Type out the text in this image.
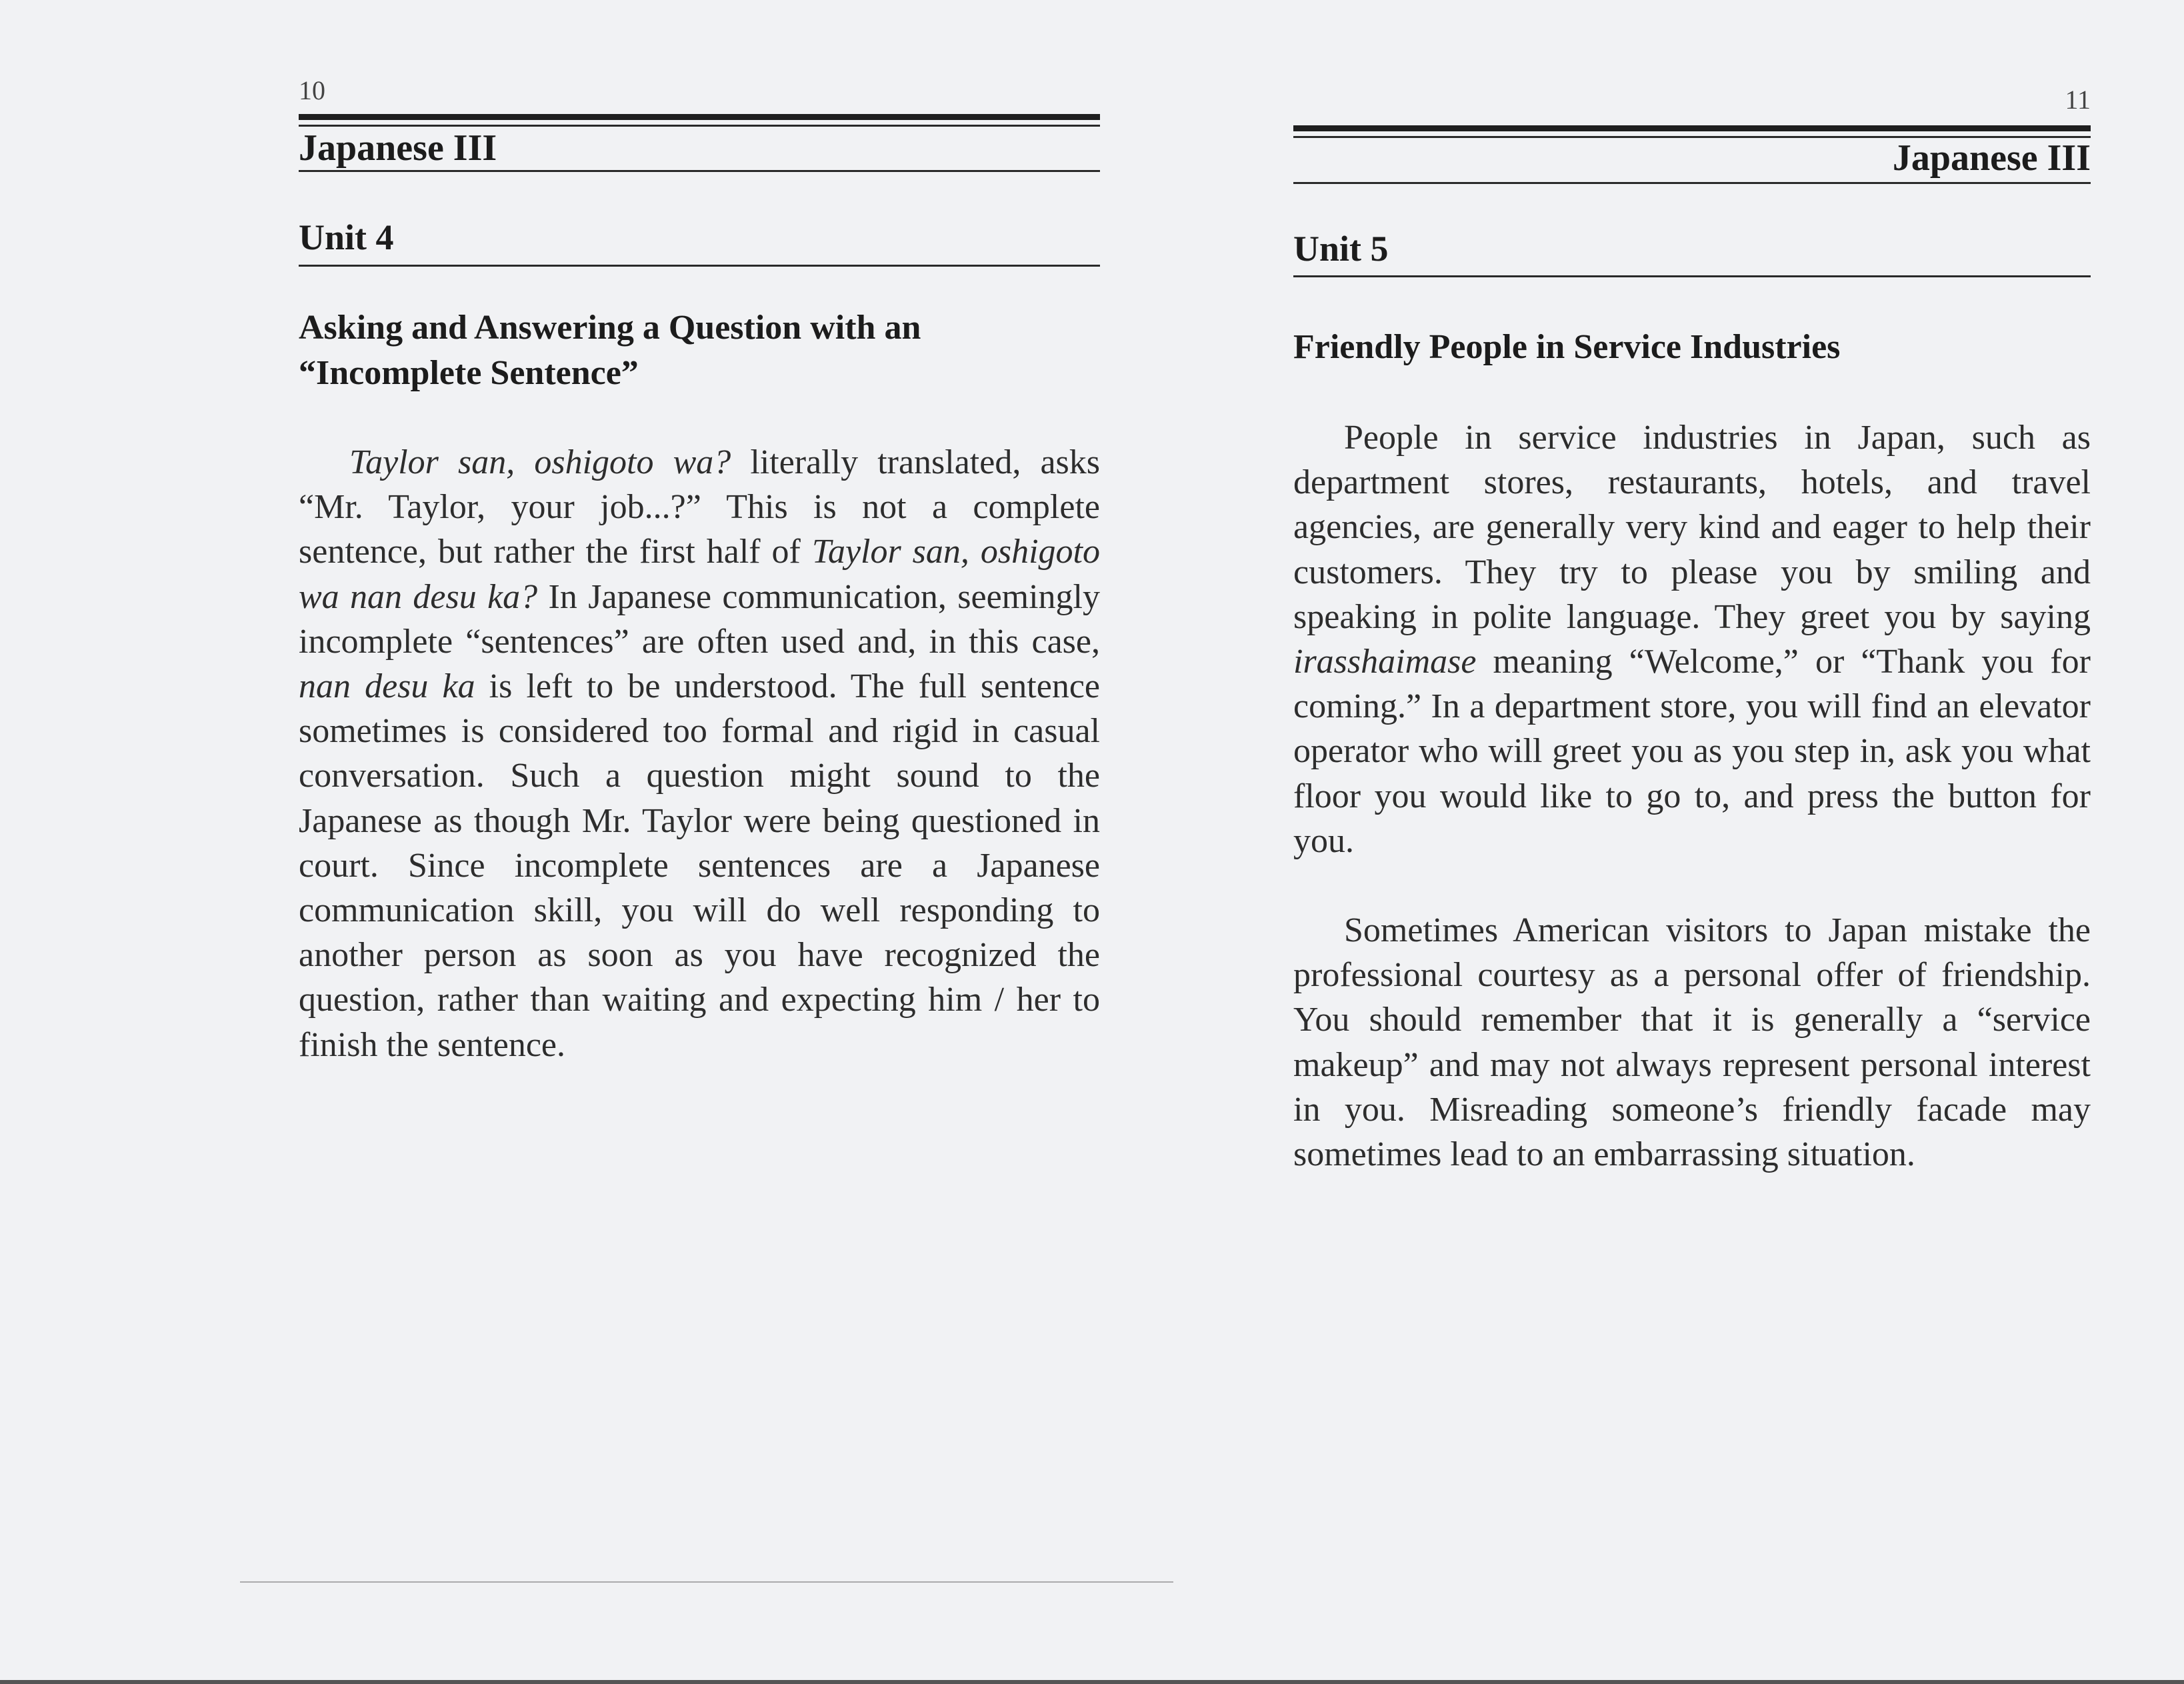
10
Japanese III
Unit 4
Asking and Answering a Question with an
“Incomplete Sentence”

Taylor san, oshigoto wa? literally translated, asks “Mr. Taylor, your job...?” This is not a complete sentence, but rather the first half of Taylor san, oshigoto wa nan desu ka? In Japanese communication, seemingly incomplete “sentences” are often used and, in this case, nan desu ka is left to be understood. The full sentence sometimes is considered too formal and rigid in casual conversation. Such a question might sound to the Japanese as though Mr. Taylor were being questioned in court. Since incomplete sentences are a Japanese communication skill, you will do well responding to another person as soon as you have recognized the question, rather than waiting and expecting him / her to finish the sentence.

11
Japanese III
Unit 5
Friendly People in Service Industries

People in service industries in Japan, such as department stores, restaurants, hotels, and travel agencies, are generally very kind and eager to help their customers. They try to please you by smiling and speaking in polite language. They greet you by saying irasshaimase meaning “Welcome,” or “Thank you for coming.” In a department store, you will find an elevator operator who will greet you as you step in, ask you what floor you would like to go to, and press the button for you.

Sometimes American visitors to Japan mistake the professional courtesy as a personal offer of friendship. You should remember that it is generally a “service makeup” and may not always represent personal interest in you. Misreading someone’s friendly facade may sometimes lead to an embarrassing situation.
